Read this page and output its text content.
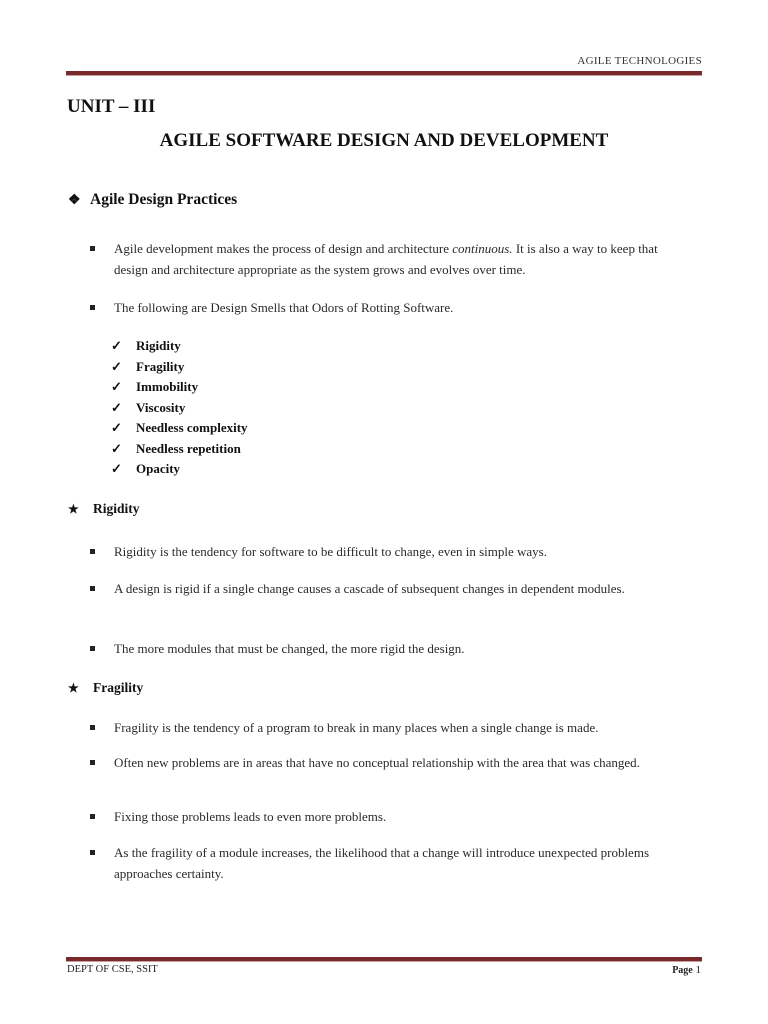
AGILE TECHNOLOGIES
UNIT – III
AGILE SOFTWARE DESIGN AND DEVELOPMENT
❖ Agile Design Practices
Agile development makes the process of design and architecture continuous. It is also a way to keep that design and architecture appropriate as the system grows and evolves over time.
The following are Design Smells that Odors of Rotting Software.
✓	Rigidity
✓	Fragility
✓	Immobility
✓	Viscosity
✓	Needless complexity
✓	Needless repetition
✓	Opacity
★ Rigidity
Rigidity is the tendency for software to be difficult to change, even in simple ways.
A design is rigid if a single change causes a cascade of subsequent changes in dependent modules.
The more modules that must be changed, the more rigid the design.
★ Fragility
Fragility is the tendency of a program to break in many places when a single change is made.
Often new problems are in areas that have no conceptual relationship with the area that was changed.
Fixing those problems leads to even more problems.
As the fragility of a module increases, the likelihood that a change will introduce unexpected problems approaches certainty.
DEPT OF CSE, SSIT	Page 1
